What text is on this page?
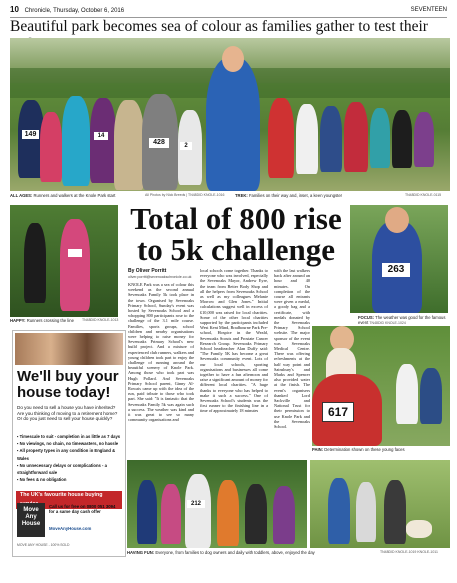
10 Chronicle, Thursday, October 6, 2016	SEVENTEEN
Beautiful park becomes sea of colour as families gather to test their
149	14
428	2
ALL AGES: Runners and walkers at the Knole Park start	All Photos by Nick Breeds | TN48DID KNOLE-1016	TREK: Families on their way and, inset, a keen youngster	TN48DID KNOLE-0115
HAPPY: Runners crossing the line	TN48DID KNOLE-1013
Total of 800 rise to 5k challenge
By Oliver Porritt
oliver.porritt@sevenoakschronicle.co.uk
KNOLE Park was a sea of colour this weekend as the second annual Sevenoaks Family 5k took place in the town. Organised by Sevenoaks Primary School, Sunday's event was hosted by Sevenoaks School and a whopping 800 participants rose to the challenge of the 3.1 mile course. Families, sports groups, school children and nearby organisations were helping to raise money for Sevenoaks Primary School's new build project. And a mixture of experienced club runners, walkers and young children took part to enjoy the challenge of running around the beautiful scenery of Knole Park. Among those who took part was Hugh Pollard. And Sevenoaks Primary School parent, Ginny Al-Rowais came up with the idea of the run, paid tribute to those who took part. She said: "It is fantastic that the Sevenoaks Family 5k was again such a success. The weather was kind and it was great to see so many community organisations and
local schools come together. Thanks to everyone who was involved, especially the Sevenoaks Mayor, Andrew Eyre, the team from Better Body Shop and all the helpers from Sevenoaks School as well as my colleagues Melanie Morrow and Glen Jones." Initial calculations suggest well in excess of £10,000 was raised for local charities. Some of the other local charities supported by the participants included West Kent Mind, Bradbourne Park Pre-school, Hospice in the Weald, Sevenoaks Scouts and Prostate Cancer Research Group. Sevenoaks Primary School headteacher Alan Duffy said: "The Family 5K has become a great Sevenoaks community event. Lots of our local schools, sporting organisations and businesses all come together to have a fun afternoon and raise a significant amount of money for different local charities. "A huge thanks to everyone who has helped to make it such a success." One of Sevenoaks School's students was the first runner to the finishing line in a time of approximately 18 minutes
with the last walkers back after around an hour and 40 minutes. On completion of the course all entrants were given a medal, a goody bag and a certificate, with medals donated by the Sevenoaks Primary School website. The major sponsor of the event was Sevenoaks Medical Centre. There was offering refreshments at the half way point and Sainsbury's and Marks and Spencer also provided water at the finish. The event's organisers thanked Lord Sackville and National Trust for their permission to use Knole Park and the Sevenoaks School.
263
FOCUS: The weather was good for the famous event TN48DID KNOLE-1024
617
PAIN: Determination shown on these young faces
We'll buy your house today!
Do you need to sell a house you have inherited? Are you thinking of moving to a retirement home? Or do you just need to sell your house quickly?
▪ Timescale to suit - completion in as little as 7 days
▪ No viewings, no chain, no timewasters, no hassle
▪ All property types in any condition in England & Wales
▪ No unnecessary delays or complications - a straightforward sale
▪ No fees & no obligation
The UK's favourite house buying
Move Any House
Call us for free on 0800 051 3094 for a same day cash offer
MoveAnyHouse.com
MOVE ANY HOUSE - 100% SOLD
212
HAVING FUN: Everyone, from families to dog owners and daily with toddlers, above, enjoyed the day	TN48DID KNOLE-1019 KNOLE-1011
